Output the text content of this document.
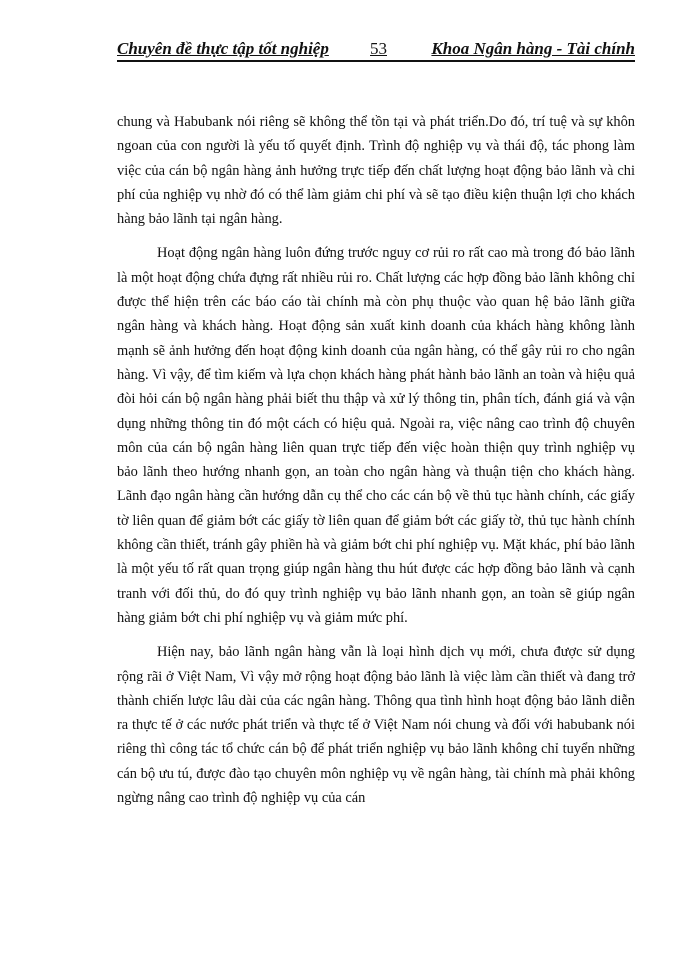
Chuyên đề thực tập tốt nghiệp 53	Khoa Ngân hàng - Tài chính

chung và Habubank nói riêng sẽ không thể tồn tại và phát triển.Do đó, trí tuệ và sự khôn ngoan của con người là yếu tố quyết định. Trình độ nghiệp vụ và thái độ, tác phong làm việc của cán bộ ngân hàng ảnh hưởng trực tiếp đến chất lượng hoạt động bảo lãnh và chi phí của nghiệp vụ nhờ đó có thể làm giảm chi phí và sẽ tạo điều kiện thuận lợi cho khách hàng bảo lãnh tại ngân hàng.

Hoạt động ngân hàng luôn đứng trước nguy cơ rủi ro rất cao mà trong đó bảo lãnh là một hoạt động chứa đựng rất nhiều rủi ro. Chất lượng các hợp đồng bảo lãnh không chỉ được thể hiện trên các báo cáo tài chính mà còn phụ thuộc vào quan hệ bảo lãnh giữa ngân hàng và khách hàng. Hoạt động sản xuất kinh doanh của khách hàng không lành mạnh sẽ ảnh hưởng đến hoạt động kinh doanh của ngân hàng, có thể gây rủi ro cho ngân hàng. Vì vậy, để tìm kiếm và lựa chọn khách hàng phát hành bảo lãnh an toàn và hiệu quả đòi hỏi cán bộ ngân hàng phải biết thu thập và xử lý thông tin, phân tích, đánh giá và vận dụng những thông tin đó một cách có hiệu quả. Ngoài ra, việc nâng cao trình độ chuyên môn của cán bộ ngân hàng liên quan trực tiếp đến việc hoàn thiện quy trình nghiệp vụ bảo lãnh theo hướng nhanh gọn, an toàn cho ngân hàng và thuận tiện cho khách hàng. Lãnh đạo ngân hàng cần hướng dẫn cụ thể cho các cán bộ về thủ tục hành chính, các giấy tờ liên quan để giảm bớt các giấy tờ liên quan để giảm bớt các giấy tờ, thủ tục hành chính không cần thiết, tránh gây phiền hà và giảm bớt chi phí nghiệp vụ. Mặt khác, phí bảo lãnh là một yếu tố rất quan trọng giúp ngân hàng thu hút được các hợp đồng bảo lãnh và cạnh tranh với đối thủ, do đó quy trình nghiệp vụ bảo lãnh nhanh gọn, an toàn sẽ giúp ngân hàng giảm bớt chi phí nghiệp vụ và giảm mức phí.

Hiện nay, bảo lãnh ngân hàng vẫn là loại hình dịch vụ mới, chưa được sử dụng rộng rãi ở Việt Nam, Vì vậy mở rộng hoạt động bảo lãnh là việc làm cần thiết và đang trở thành chiến lược lâu dài của các ngân hàng. Thông qua tình hình hoạt động bảo lãnh diễn ra thực tế ở các nước phát triển và thực tế ở Việt Nam nói chung và đối với habubank nói riêng thì công tác tổ chức cán bộ để phát triển nghiệp vụ bảo lãnh không chỉ tuyển những cán bộ ưu tú, được đào tạo chuyên môn nghiệp vụ về ngân hàng, tài chính mà phải không ngừng nâng cao trình độ nghiệp vụ của cán
